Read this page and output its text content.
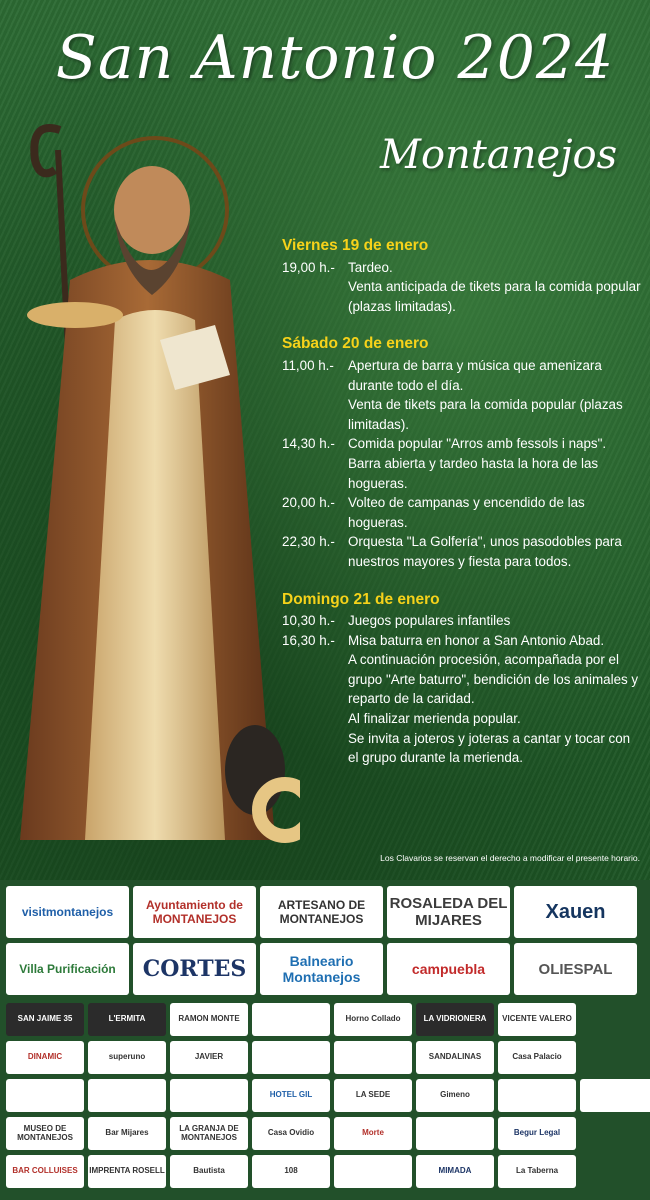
San Antonio 2024
Montanejos
Viernes 19 de enero
19,00 h.- Tardeo.
Venta anticipada de tikets para la comida popular (plazas limitadas).
Sábado 20 de enero
11,00 h.-	Apertura de barra y música que amenizara durante todo el día.
Venta de tikets para la comida popular (plazas limitadas).
14,30 h.- Comida popular "Arros amb fessols i naps".
Barra abierta y tardeo hasta la hora de las hogueras.
20,00 h.- Volteo de campanas y encendido de las hogueras.
22,30 h.- Orquesta "La Golfería", unos pasodobles para nuestros mayores y fiesta para todos.
Domingo 21 de enero
10,30 h.- Juegos populares infantiles
16,30 h.- Misa baturra en honor a San Antonio Abad.
A continuación procesión, acompañada por el grupo "Arte baturro", bendición de los animales y reparto de la caridad.
Al finalizar merienda popular.
Se invita a joteros y joteras a cantar y tocar con el grupo durante la merienda.
Los Clavarios se reservan el derecho a modificar el presente horario.
visitmontanejos	Ayuntamiento de MONTANEJOS
ARTESANO DE MONTANEJOS
ROSALEDA DEL MIJARES	Xauen
Villa Purificación	CORTES	Balneario Montanejos	campuebla	OLIESPAL
SAN JAIME 35	L'ERMITA	RAMON MONTE	Horno Collado	LA VIDRIONERA	VICENTE VALERO
DINAMIC	superuno	JAVIER	SANDALINAS	Casa Palacio
HOTEL GIL	LA SEDE	Gimeno
MUSEO DE MONTANEJOS	Bar Mijares	LA GRANJA DE MONTANEJOS	Casa Ovidio	Morte	Begur Legal
BAR COLLUISES	IMPRENTA ROSELL	Bautista	108	MIMADA	La Taberna
